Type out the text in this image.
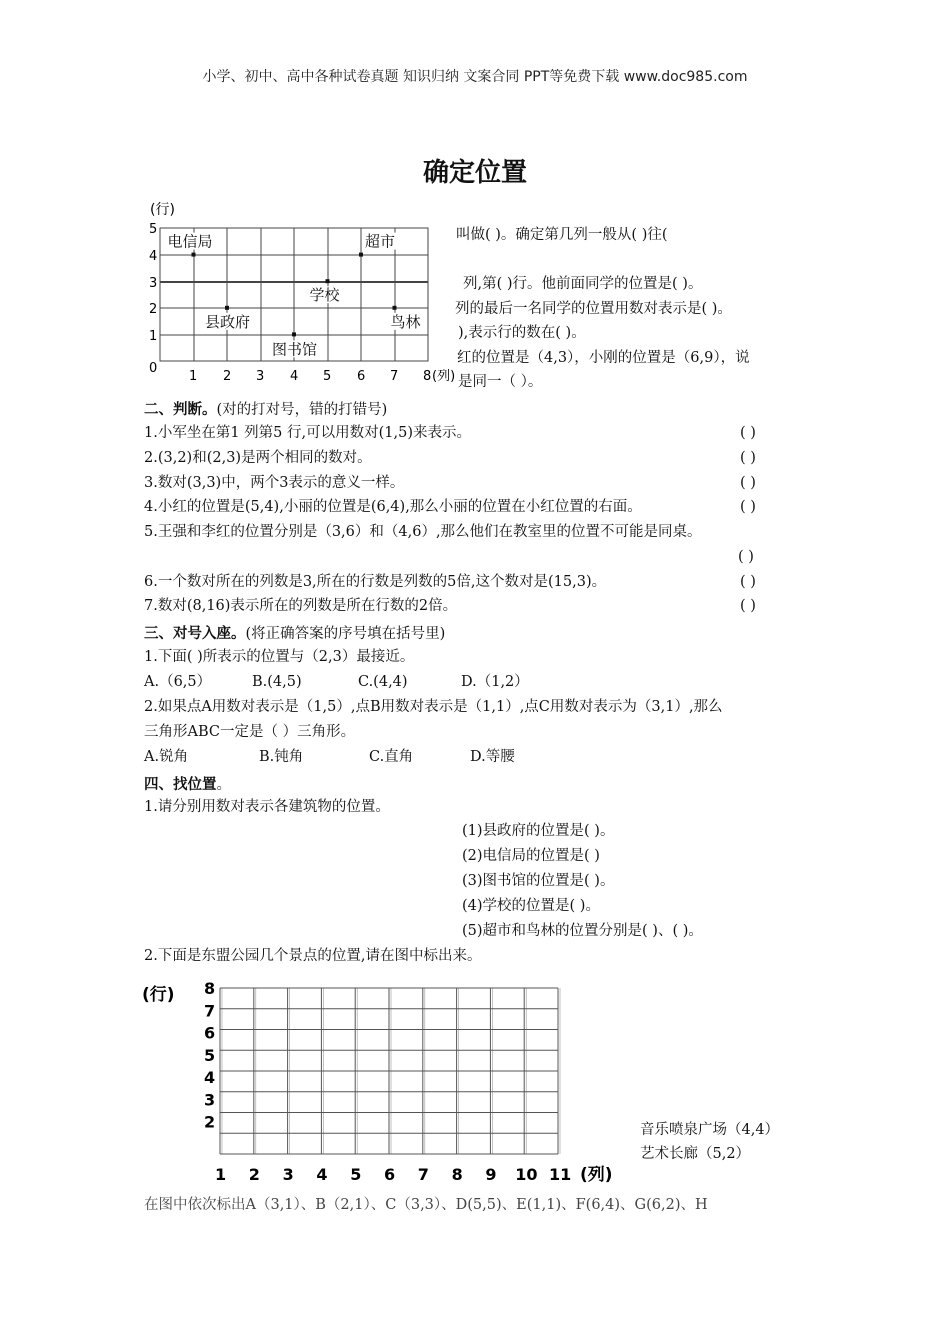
小学、初中、高中各种试卷真题 知识归纳 文案合同 PPT等免费下载 www.doc985.com
确定位置
(行)
5
4
3
2
1
0
1 2 3 4 5 6 7 8 (列)
电信局	超市
学校
县政府	鸟林
图书馆
叫做( )。确定第几列一般从( )往(
列,第( )行。他前面同学的位置是( )。
列的最后一名同学的位置用数对表示是( )。
),表示行的数在( )。
红的位置是（4,3），小刚的位置是（6,9），说
是同一（ ）。
二、判断。(对的打对号，错的打错号)
1.小军坐在第1 列第5 行,可以用数对(1,5)来表示。	( )
2.(3,2)和(2,3)是两个相同的数对。	( )
3.数对(3,3)中，两个3表示的意义一样。	( )
4.小红的位置是(5,4),小丽的位置是(6,4),那么小丽的位置在小红位置的右面。	( )
5.王强和李红的位置分别是（3,6）和（4,6）,那么他们在教室里的位置不可能是同桌。
( )
6.一个数对所在的列数是3,所在的行数是列数的5倍,这个数对是(15,3)。	( )
7.数对(8,16)表示所在的列数是所在行数的2倍。	( )
三、对号入座。(将正确答案的序号填在括号里)
1.下面( )所表示的位置与（2,3）最接近。
A.（6,5）	B.(4,5)	C.(4,4)	D.（1,2）
2.如果点A用数对表示是（1,5）,点B用数对表示是（1,1）,点C用数对表示为（3,1）,那么
三角形ABC一定是（ ）三角形。
A.锐角	B.钝角	C.直角	D.等腰
四、找位置。
1.请分别用数对表示各建筑物的位置。
(1)县政府的位置是( )。
(2)电信局的位置是( )
(3)图书馆的位置是( )。
(4)学校的位置是( )。
(5)超市和鸟林的位置分别是( )、( )。
2.下面是东盟公园几个景点的位置,请在图中标出来。
(行) 8
7
6
5
4
3
2
1 2 3 4 5 6 7 8 9 10 11 (列)
音乐喷泉广场（4,4）
艺术长廊（5,2）
在图中依次标出A（3,1）、B（2,1）、C（3,3）、D(5,5)、E(1,1)、F(6,4)、G(6,2)、H
